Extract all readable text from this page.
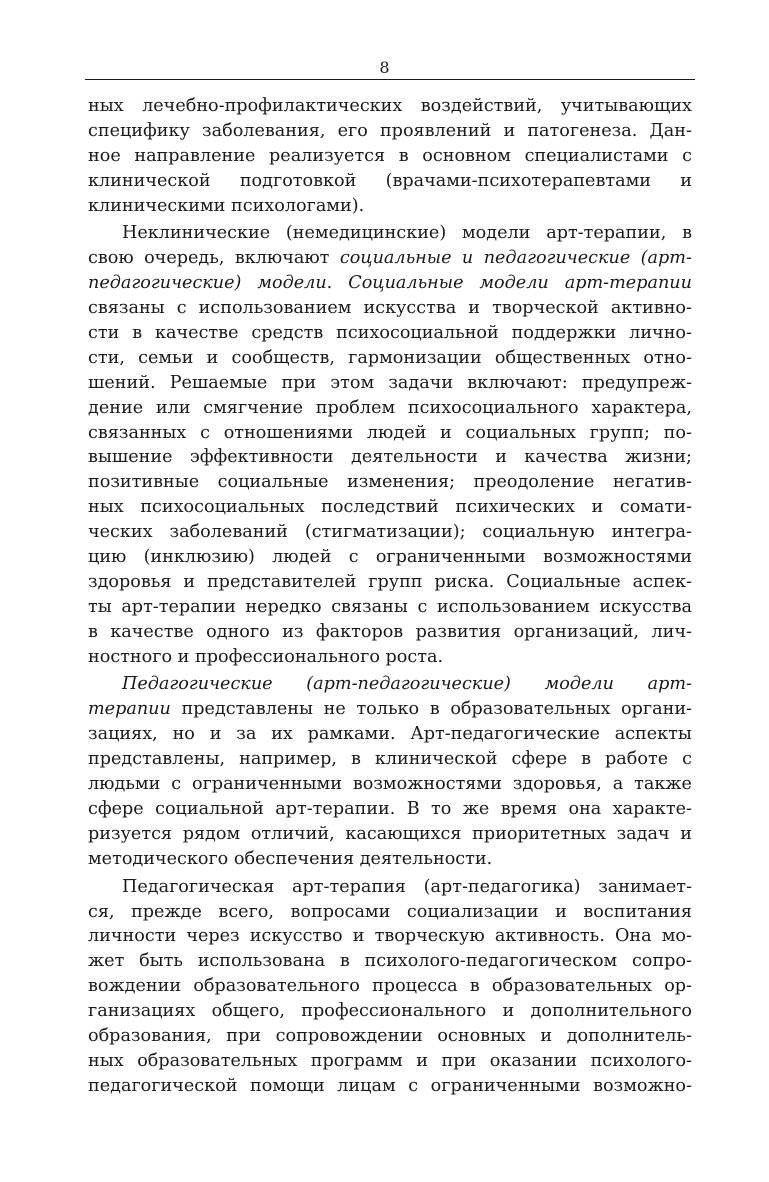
8
ных лечебно-профилактических воздействий, учитывающих
специфику заболевания, его проявлений и патогенеза. Дан-
ное направление реализуется в основном специалистами с
клинической подготовкой (врачами-психотерапевтами и
клиническими психологами).
Неклинические (немедицинские) модели арт-терапии, в
свою очередь, включают социальные и педагогические (арт-
педагогические) модели. Социальные модели арт-терапии
связаны с использованием искусства и творческой активно-
сти в качестве средств психосоциальной поддержки лично-
сти, семьи и сообществ, гармонизации общественных отно-
шений. Решаемые при этом задачи включают: предупреж-
дение или смягчение проблем психосоциального характера,
связанных с отношениями людей и социальных групп; по-
вышение эффективности деятельности и качества жизни;
позитивные социальные изменения; преодоление негатив-
ных психосоциальных последствий психических и сомати-
ческих заболеваний (стигматизации); социальную интегра-
цию (инклюзию) людей с ограниченными возможностями
здоровья и представителей групп риска. Социальные аспек-
ты арт-терапии нередко связаны с использованием искусства
в качестве одного из факторов развития организаций, лич-
ностного и профессионального роста.
Педагогические (арт-педагогические) модели арт-
терапии представлены не только в образовательных органи-
зациях, но и за их рамками. Арт-педагогические аспекты
представлены, например, в клинической сфере в работе с
людьми с ограниченными возможностями здоровья, а также
сфере социальной арт-терапии. В то же время она характе-
ризуется рядом отличий, касающихся приоритетных задач и
методического обеспечения деятельности.
Педагогическая арт-терапия (арт-педагогика) занимает-
ся, прежде всего, вопросами социализации и воспитания
личности через искусство и творческую активность. Она мо-
жет быть использована в психолого-педагогическом сопро-
вождении образовательного процесса в образовательных ор-
ганизациях общего, профессионального и дополнительного
образования, при сопровождении основных и дополнитель-
ных образовательных программ и при оказании психолого-
педагогической помощи лицам с ограниченными возможно-
